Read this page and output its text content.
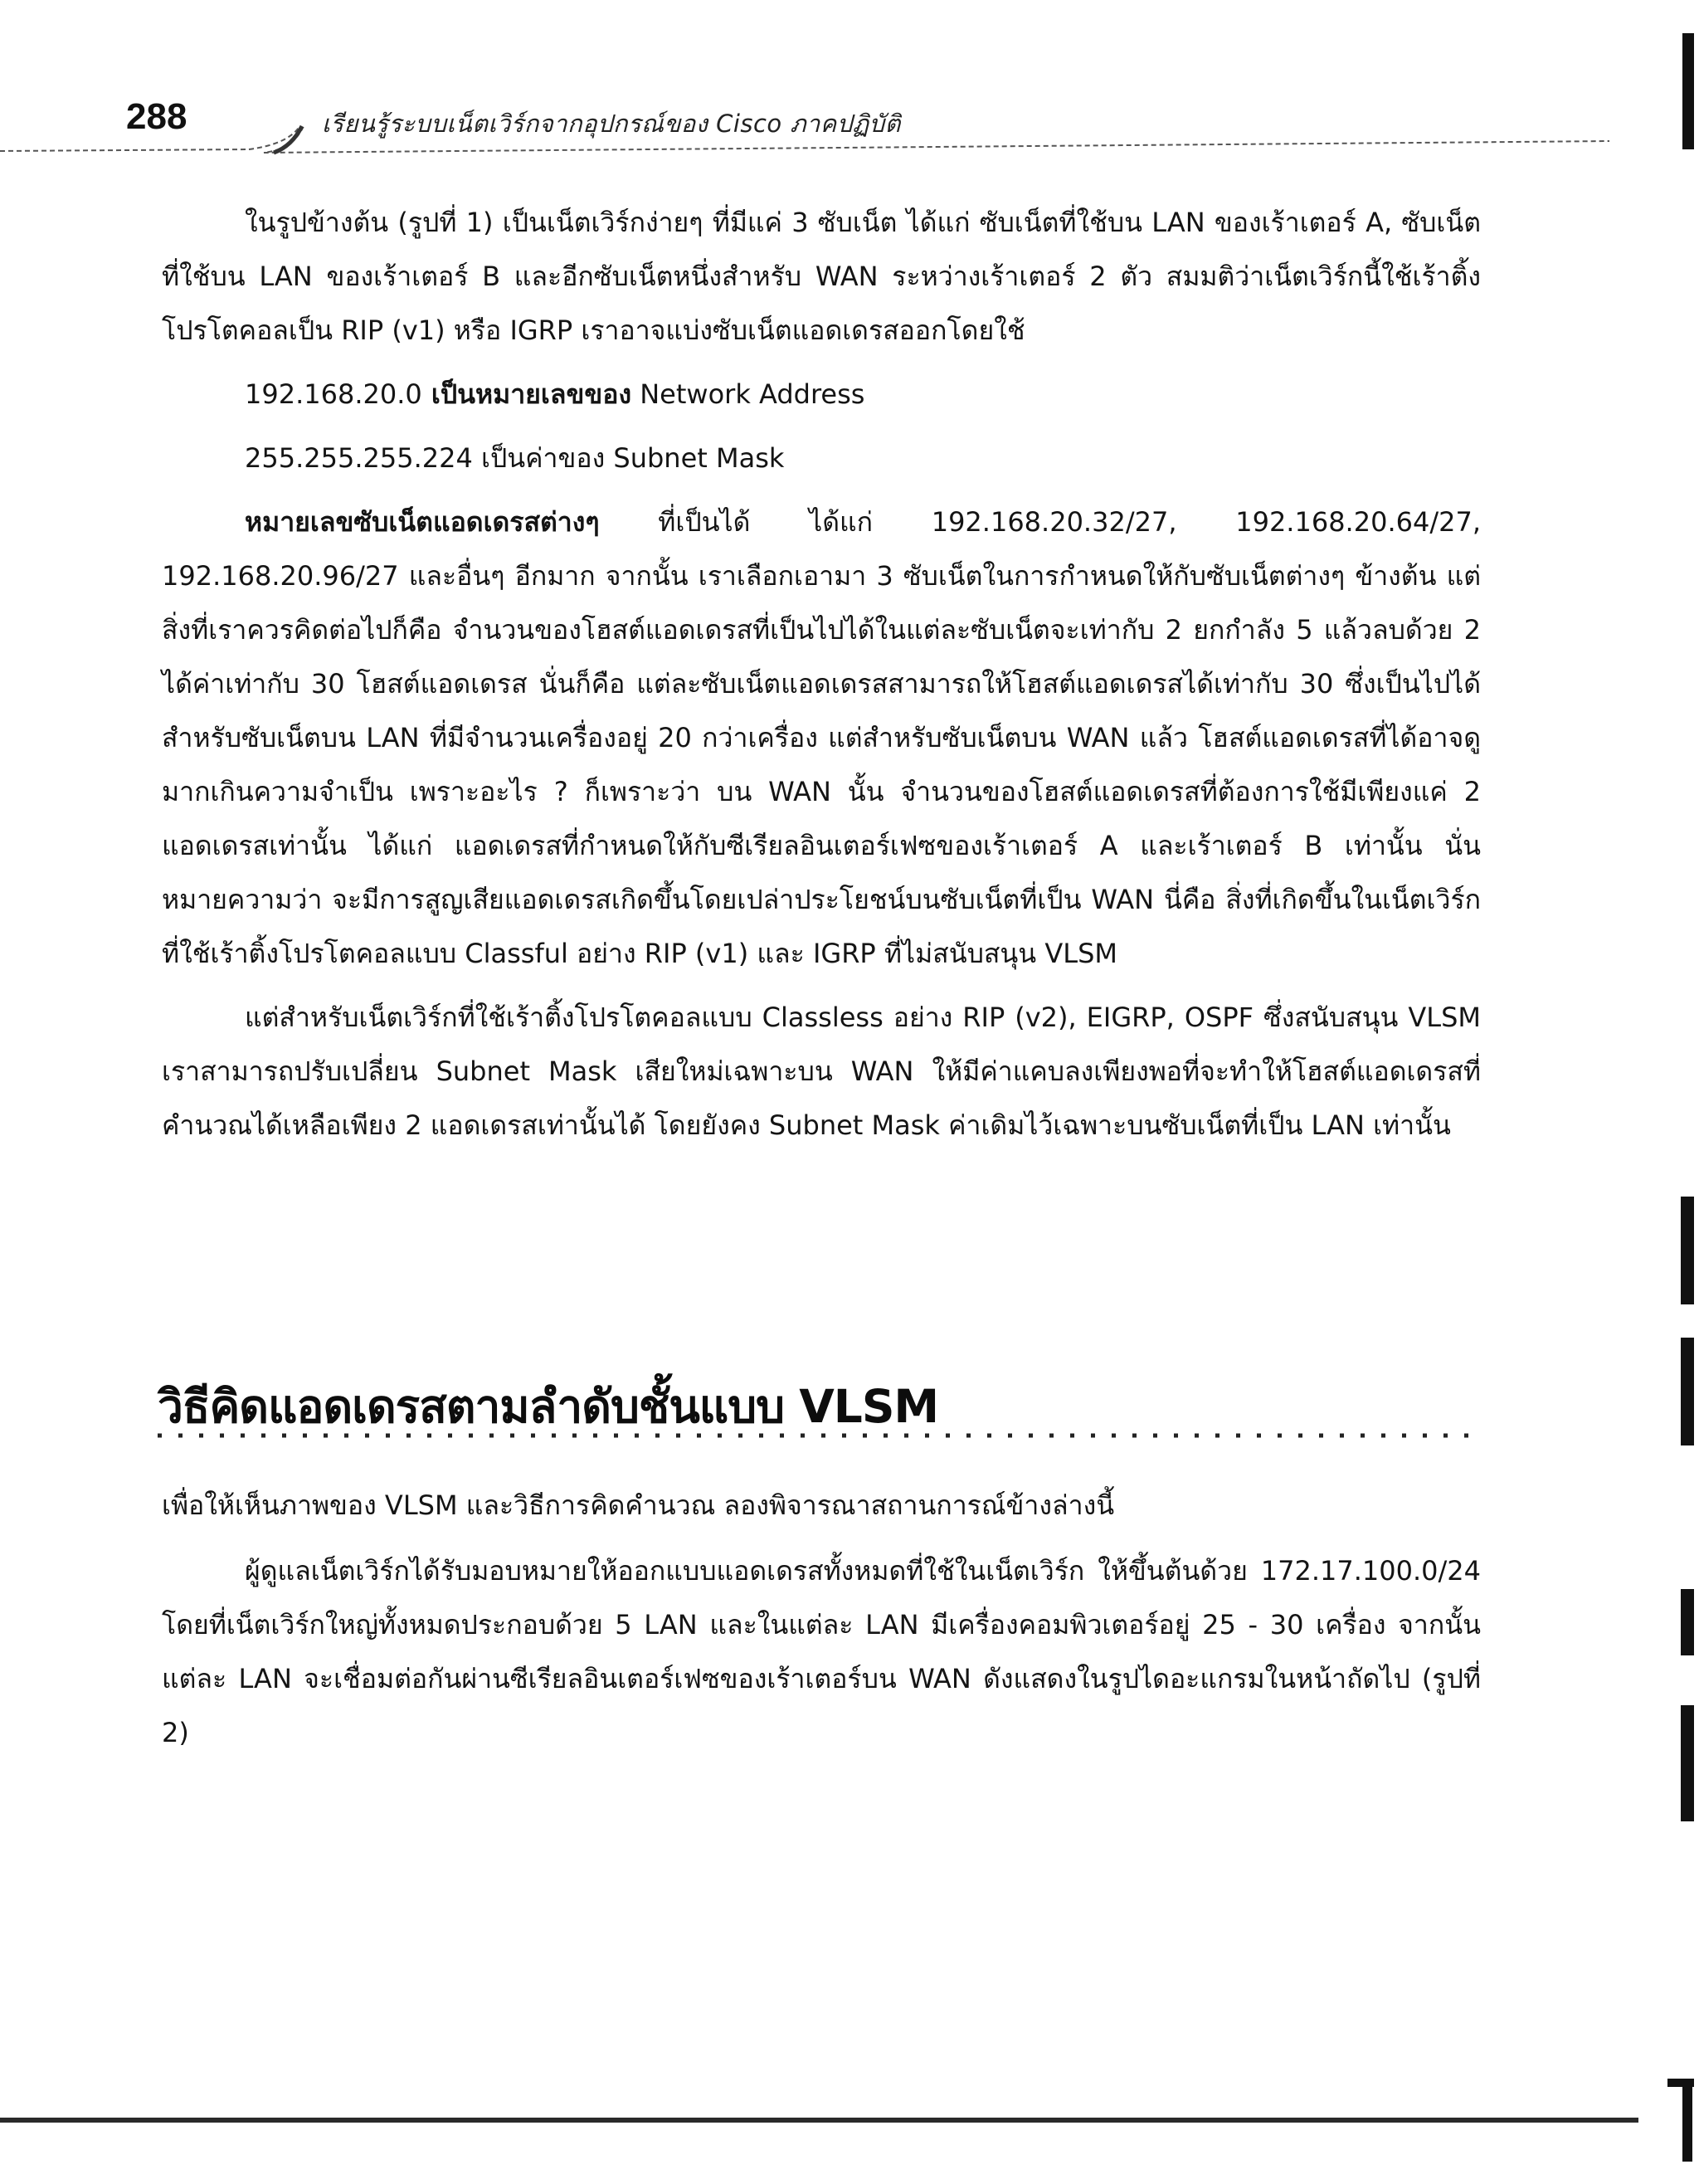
288	เรียนรู้ระบบเน็ตเวิร์กจากอุปกรณ์ของ Cisco ภาคปฏิบัติ

ในรูปข้างต้น (รูปที่ 1) เป็นเน็ตเวิร์กง่ายๆ ที่มีแค่ 3 ซับเน็ต ได้แก่ ซับเน็ตที่ใช้บน LAN ของเร้าเตอร์ A, ซับเน็ตที่ใช้บน LAN ของเร้าเตอร์ B และอีกซับเน็ตหนึ่งสำหรับ WAN ระหว่างเร้าเตอร์ 2 ตัว สมมติว่าเน็ตเวิร์กนี้ใช้เร้าติ้งโปรโตคอลเป็น RIP (v1) หรือ IGRP เราอาจแบ่งซับเน็ตแอดเดรสออกโดยใช้

192.168.20.0 เป็นหมายเลขของ Network Address

255.255.255.224 เป็นค่าของ Subnet Mask

หมายเลขซับเน็ตแอดเดรสต่างๆ ที่เป็นได้ ได้แก่ 192.168.20.32/27, 192.168.20.64/27, 192.168.20.96/27 และอื่นๆ อีกมาก จากนั้น เราเลือกเอามา 3 ซับเน็ตในการกำหนดให้กับซับเน็ตต่างๆ ข้างต้น แต่สิ่งที่เราควรคิดต่อไปก็คือ จำนวนของโฮสต์แอดเดรสที่เป็นไปได้ในแต่ละซับเน็ตจะเท่ากับ 2 ยกกำลัง 5 แล้วลบด้วย 2 ได้ค่าเท่ากับ 30 โฮสต์แอดเดรส นั่นก็คือ แต่ละซับเน็ตแอดเดรสสามารถให้โฮสต์แอดเดรสได้เท่ากับ 30 ซึ่งเป็นไปได้สำหรับซับเน็ตบน LAN ที่มีจำนวนเครื่องอยู่ 20 กว่าเครื่อง แต่สำหรับซับเน็ตบน WAN แล้ว โฮสต์แอดเดรสที่ได้อาจดูมากเกินความจำเป็น เพราะอะไร ? ก็เพราะว่า บน WAN นั้น จำนวนของโฮสต์แอดเดรสที่ต้องการใช้มีเพียงแค่ 2 แอดเดรสเท่านั้น ได้แก่ แอดเดรสที่กำหนดให้กับซีเรียลอินเตอร์เฟซของเร้าเตอร์ A และเร้าเตอร์ B เท่านั้น นั่นหมายความว่า จะมีการสูญเสียแอดเดรสเกิดขึ้นโดยเปล่าประโยชน์บนซับเน็ตที่เป็น WAN นี่คือ สิ่งที่เกิดขึ้นในเน็ตเวิร์กที่ใช้เร้าติ้งโปรโตคอลแบบ Classful อย่าง RIP (v1) และ IGRP ที่ไม่สนับสนุน VLSM

แต่สำหรับเน็ตเวิร์กที่ใช้เร้าติ้งโปรโตคอลแบบ Classless อย่าง RIP (v2), EIGRP, OSPF ซึ่งสนับสนุน VLSM เราสามารถปรับเปลี่ยน Subnet Mask เสียใหม่เฉพาะบน WAN ให้มีค่าแคบลงเพียงพอที่จะทำให้โฮสต์แอดเดรสที่คำนวณได้เหลือเพียง 2 แอดเดรสเท่านั้นได้ โดยยังคง Subnet Mask ค่าเดิมไว้เฉพาะบนซับเน็ตที่เป็น LAN เท่านั้น

วิธีคิดแอดเดรสตามลำดับชั้นแบบ VLSM

เพื่อให้เห็นภาพของ VLSM และวิธีการคิดคำนวณ ลองพิจารณาสถานการณ์ข้างล่างนี้

ผู้ดูแลเน็ตเวิร์กได้รับมอบหมายให้ออกแบบแอดเดรสทั้งหมดที่ใช้ในเน็ตเวิร์ก ให้ขึ้นต้นด้วย 172.17.100.0/24 โดยที่เน็ตเวิร์กใหญ่ทั้งหมดประกอบด้วย 5 LAN และในแต่ละ LAN มีเครื่องคอมพิวเตอร์อยู่ 25 - 30 เครื่อง จากนั้นแต่ละ LAN จะเชื่อมต่อกันผ่านซีเรียลอินเตอร์เฟซของเร้าเตอร์บน WAN ดังแสดงในรูปไดอะแกรมในหน้าถัดไป (รูปที่ 2)
